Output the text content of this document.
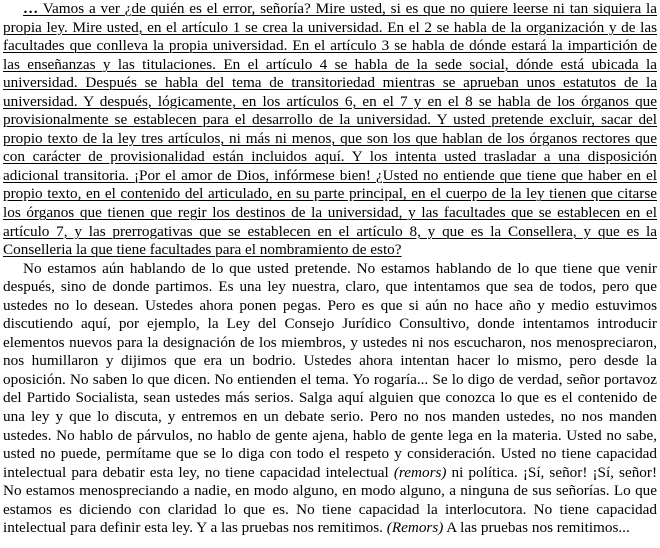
… Vamos a ver ¿de quién es el error, señoría? Mire usted, si es que no quiere leerse ni tan siquiera la propia ley. Mire usted, en el artículo 1 se crea la universidad. En el 2 se habla de la organización y de las facultades que conlleva la propia universidad. En el artículo 3 se habla de dónde estará la impartición de las enseñanzas y las titulaciones. En el artículo 4 se habla de la sede social, dónde está ubicada la universidad. Después se habla del tema de transitoriedad mientras se aprueban unos estatutos de la universidad. Y después, lógicamente, en los artículos 6, en el 7 y en el 8 se habla de los órganos que provisionalmente se establecen para el desarrollo de la universidad. Y usted pretende excluir, sacar del propio texto de la ley tres artículos, ni más ni menos, que son los que hablan de los órganos rectores que con carácter de provisionalidad están incluidos aquí. Y los intenta usted trasladar a una disposición adicional transitoria. ¡Por el amor de Dios, infórmese bien! ¿Usted no entiende que tiene que haber en el propio texto, en el contenido del articulado, en su parte principal, en el cuerpo de la ley tienen que citarse los órganos que tienen que regir los destinos de la universidad, y las facultades que se establecen en el artículo 7, y las prerrogativas que se establecen en el artículo 8, y que es la Consellera, y que es la Conselleria la que tiene facultades para el nombramiento de esto?

No estamos aún hablando de lo que usted pretende. No estamos hablando de lo que tiene que venir después, sino de donde partimos. Es una ley nuestra, claro, que intentamos que sea de todos, pero que ustedes no lo desean. Ustedes ahora ponen pegas. Pero es que si aún no hace año y medio estuvimos discutiendo aquí, por ejemplo, la Ley del Consejo Jurídico Consultivo, donde intentamos introducir elementos nuevos para la designación de los miembros, y ustedes ni nos escucharon, nos menospreciaron, nos humillaron y dijimos que era un bodrio. Ustedes ahora intentan hacer lo mismo, pero desde la oposición. No saben lo que dicen. No entienden el tema. Yo rogaría... Se lo digo de verdad, señor portavoz del Partido Socialista, sean ustedes más serios. Salga aquí alguien que conozca lo que es el contenido de una ley y que lo discuta, y entremos en un debate serio. Pero no nos manden ustedes, no nos manden ustedes. No hablo de párvulos, no hablo de gente ajena, hablo de gente lega en la materia. Usted no sabe, usted no puede, permítame que se lo diga con todo el respeto y consideración. Usted no tiene capacidad intelectual para debatir esta ley, no tiene capacidad intelectual (remors) ni política. ¡Sí, señor! ¡Sí, señor! No estamos menospreciando a nadie, en modo alguno, en modo alguno, a ninguna de sus señorías. Lo que estamos es diciendo con claridad lo que es. No tiene capacidad la interlocutora. No tiene capacidad intelectual para definir esta ley. Y a las pruebas nos remitimos. (Remors) A las pruebas nos remitimos...
